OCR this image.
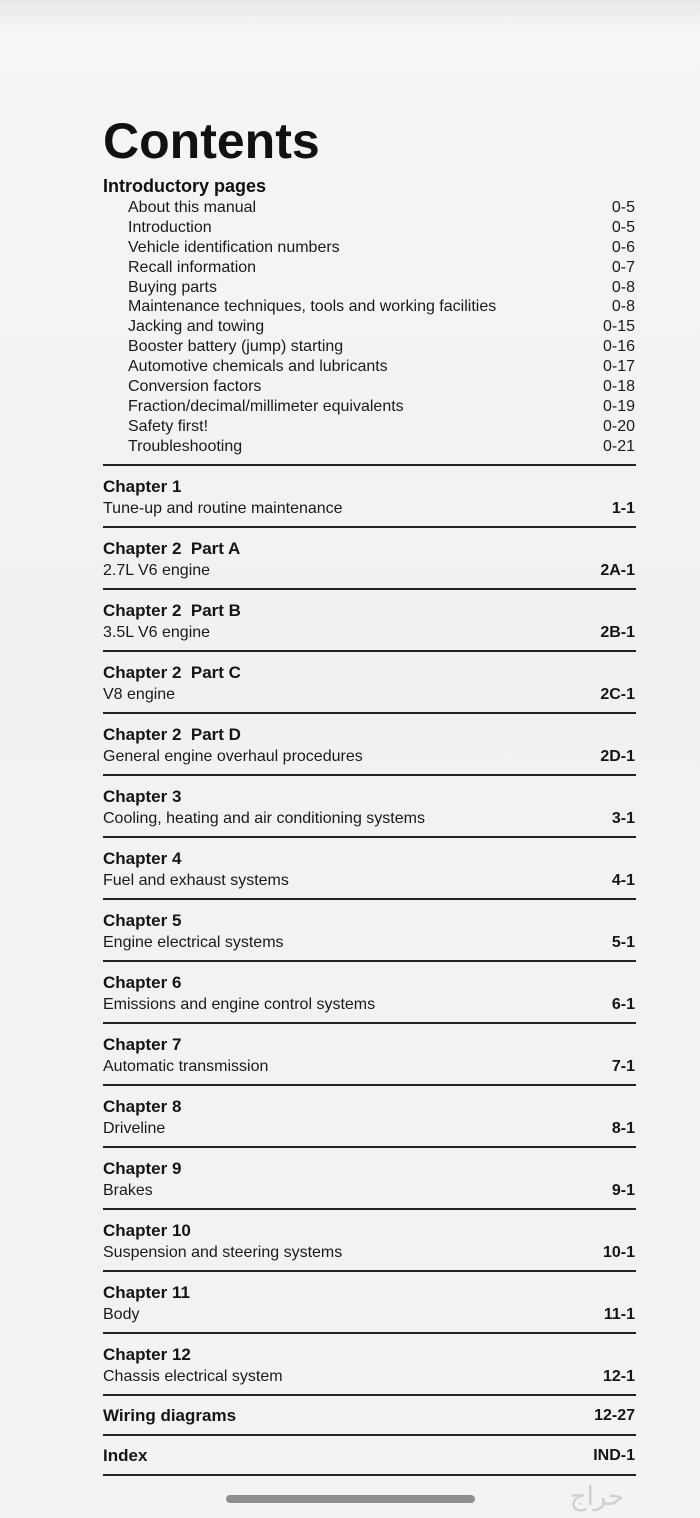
Contents
Introductory pages
About this manual	0-5
Introduction	0-5
Vehicle identification numbers	0-6
Recall information	0-7
Buying parts	0-8
Maintenance techniques, tools and working facilities	0-8
Jacking and towing	0-15
Booster battery (jump) starting	0-16
Automotive chemicals and lubricants	0-17
Conversion factors	0-18
Fraction/decimal/millimeter equivalents	0-19
Safety first!	0-20
Troubleshooting	0-21
Chapter 1
Tune-up and routine maintenance	1-1
Chapter 2  Part A
2.7L V6 engine	2A-1
Chapter 2  Part B
3.5L V6 engine	2B-1
Chapter 2  Part C
V8 engine	2C-1
Chapter 2  Part D
General engine overhaul procedures	2D-1
Chapter 3
Cooling, heating and air conditioning systems	3-1
Chapter 4
Fuel and exhaust systems	4-1
Chapter 5
Engine electrical systems	5-1
Chapter 6
Emissions and engine control systems	6-1
Chapter 7
Automatic transmission	7-1
Chapter 8
Driveline	8-1
Chapter 9
Brakes	9-1
Chapter 10
Suspension and steering systems	10-1
Chapter 11
Body	11-1
Chapter 12
Chassis electrical system	12-1
Wiring diagrams	12-27
Index	IND-1
حراج
